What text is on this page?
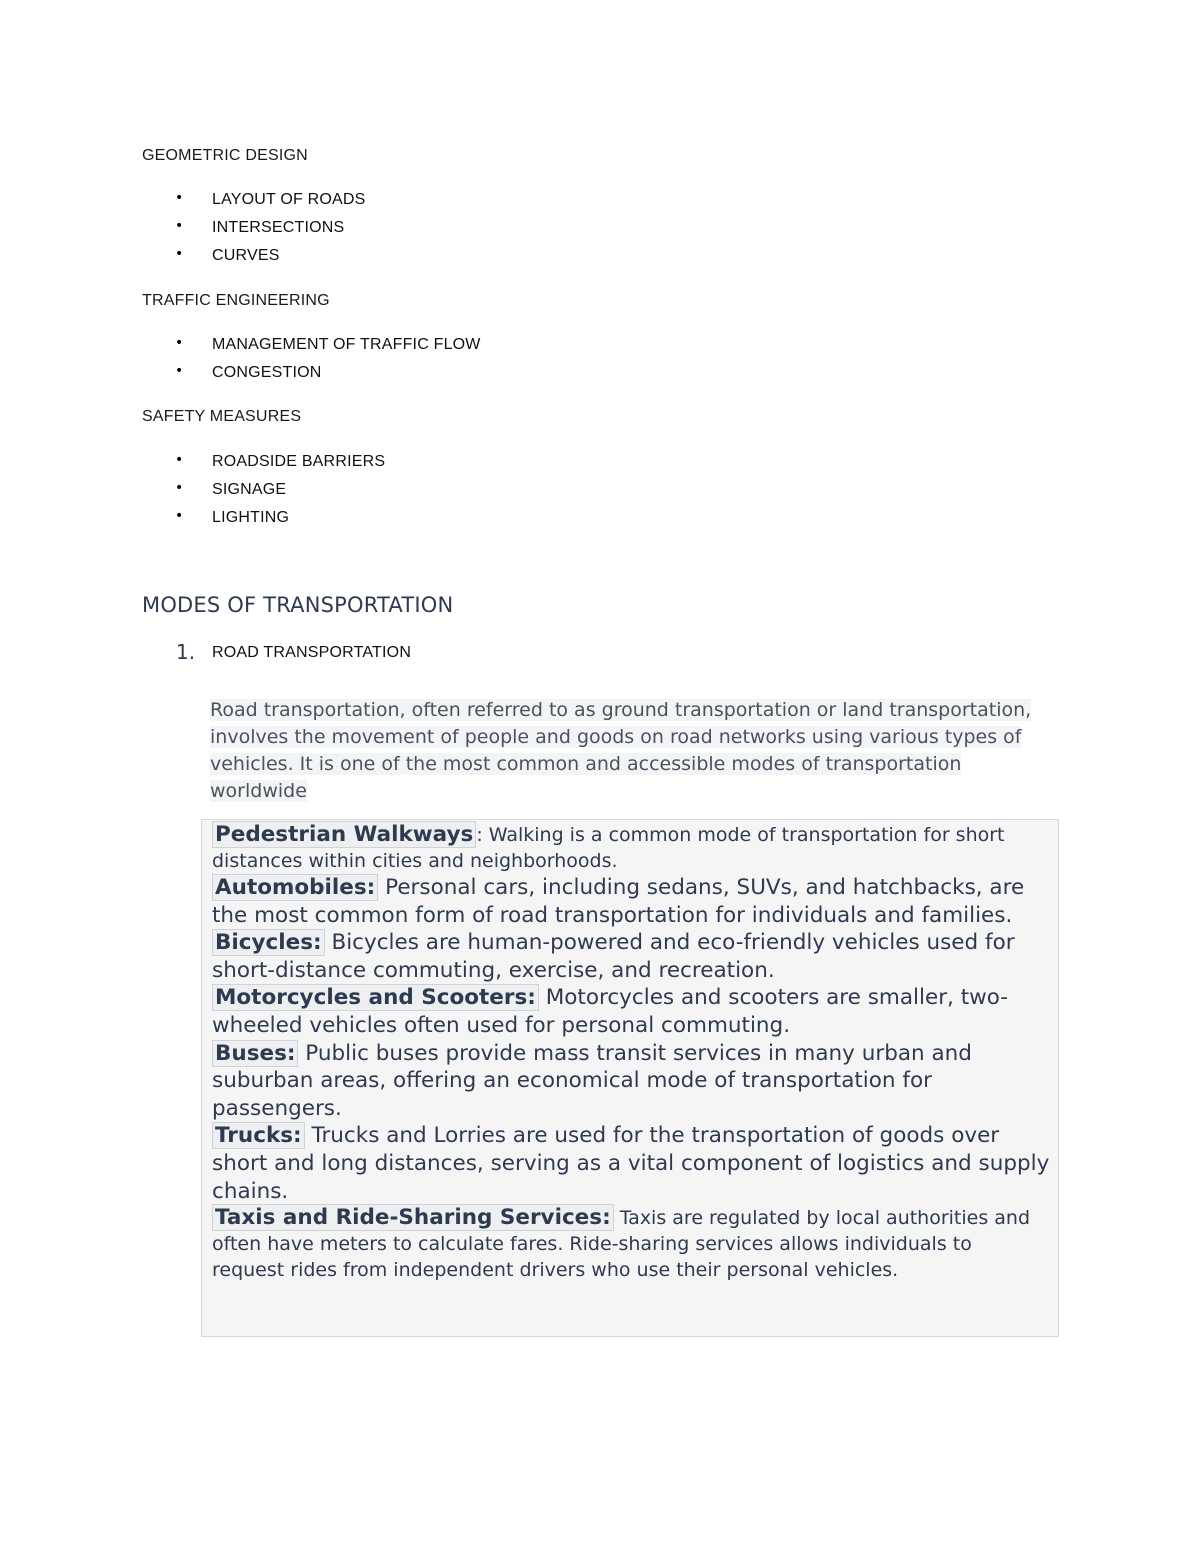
GEOMETRIC DESIGN
• LAYOUT OF ROADS
• INTERSECTIONS
• CURVES
TRAFFIC ENGINEERING
• MANAGEMENT OF TRAFFIC FLOW
• CONGESTION
SAFETY MEASURES
• ROADSIDE BARRIERS
• SIGNAGE
• LIGHTING
MODES OF TRANSPORTATION
1. ROAD TRANSPORTATION
Road transportation, often referred to as ground transportation or land transportation, involves the movement of people and goods on road networks using various types of vehicles. It is one of the most common and accessible modes of transportation worldwide

Pedestrian Walkways : Walking is a common mode of transportation for short distances within cities and neighborhoods.

Automobiles: Personal cars, including sedans, SUVs, and hatchbacks, are the most common form of road transportation for individuals and families.

Bicycles: Bicycles are human-powered and eco-friendly vehicles used for short-distance commuting, exercise, and recreation.

Motorcycles and Scooters: Motorcycles and scooters are smaller, two-wheeled vehicles often used for personal commuting.

Buses: Public buses provide mass transit services in many urban and suburban areas, offering an economical mode of transportation for passengers.

Trucks: Trucks and Lorries are used for the transportation of goods over short and long distances, serving as a vital component of logistics and supply chains.

Taxis and Ride-Sharing Services: Taxis are regulated by local authorities and often have meters to calculate fares. Ride-sharing services allows individuals to request rides from independent drivers who use their personal vehicles.
